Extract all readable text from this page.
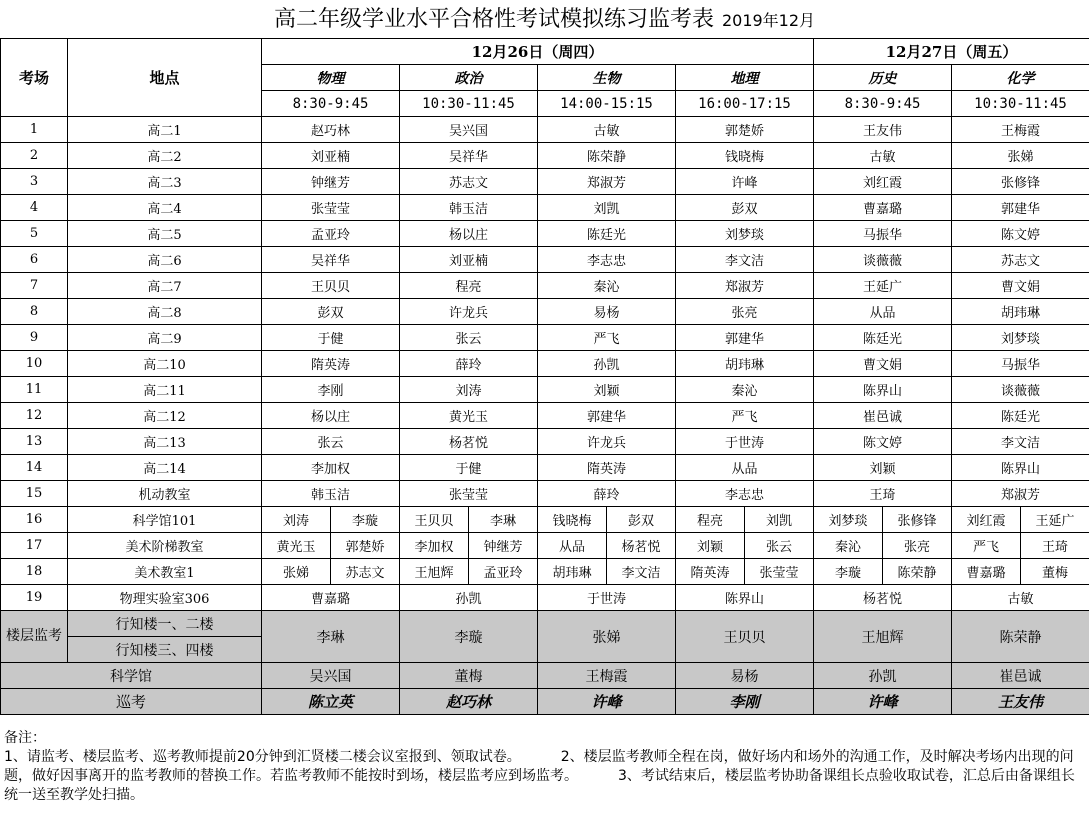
高二年级学业水平合格性考试模拟练习监考表 2019年12月
考场	地点	12月26日（周四）								12月27日（周五）			
		物理		政治		生物		地理		历史		化学	
		8:30-9:45		10:30-11:45		14:00-15:15		16:00-17:15		8:30-9:45		10:30-11:45	
1	高二1	赵巧林		吴兴国		古敏		郭楚娇		王友伟		王梅霞	
2	高二2	刘亚楠		吴祥华		陈荣静		钱晓梅		古敏		张娣	
3	高二3	钟继芳		苏志文		郑淑芳		许峰		刘红霞		张修锋	
4	高二4	张莹莹		韩玉洁		刘凯		彭双		曹嘉璐		郭建华	
5	高二5	孟亚玲		杨以庄		陈廷光		刘梦琰		马振华		陈文婷	
6	高二6	吴祥华		刘亚楠		李志忠		李文洁		谈薇薇		苏志文	
7	高二7	王贝贝		程亮		秦沁		郑淑芳		王延广		曹文娟	
8	高二8	彭双		许龙兵		易杨		张亮		从品		胡玮琳	
9	高二9	于健		张云		严飞		郭建华		陈廷光		刘梦琰	
10	高二10	隋英涛		薛玲		孙凯		胡玮琳		曹文娟		马振华	
11	高二11	李刚		刘涛		刘颖		秦沁		陈界山		谈薇薇	
12	高二12	杨以庄		黄光玉		郭建华		严飞		崔邑诚		陈廷光	
13	高二13	张云		杨茗悦		许龙兵		于世涛		陈文婷		李文洁	
14	高二14	李加权		于健		隋英涛		从品		刘颖		陈界山	
15	机动教室	韩玉洁		张莹莹		薛玲		李志忠		王琦		郑淑芳	
16	科学馆101	刘涛	李璇	王贝贝	李琳	钱晓梅	彭双	程亮	刘凯	刘梦琰	张修锋	刘红霞	王延广
17	美术阶梯教室	黄光玉	郭楚娇	李加权	钟继芳	从品	杨茗悦	刘颖	张云	秦沁	张亮	严飞	王琦
18	美术教室1	张娣	苏志文	王旭辉	孟亚玲	胡玮琳	李文洁	隋英涛	张莹莹	李璇	陈荣静	曹嘉璐	董梅
19	物理实验室306	曹嘉璐		孙凯		于世涛		陈界山		杨茗悦		古敏	
楼层监考	行知楼一、二楼	李琳		李璇		张娣		王贝贝		王旭辉		陈荣静	
	行知楼三、四楼												
科学馆		吴兴国		董梅		王梅霞		易杨		孙凯		崔邑诚	
巡考		陈立英		赵巧林		许峰		李刚		许峰		王友伟	
备注：
1、请监考、楼层监考、巡考教师提前20分钟到汇贤楼二楼会议室报到、领取试卷。	2、楼层监考教师全程在岗，做好场内和场外的沟通工作，及时解决考场内出现的问题，做好因事离开的监考教师的替换工作。若监考教师不能按时到场，楼层监考应到场监考。	3、考试结束后，楼层监考协助备课组长点验收取试卷，汇总后由备课组长统一送至教学处扫描。
